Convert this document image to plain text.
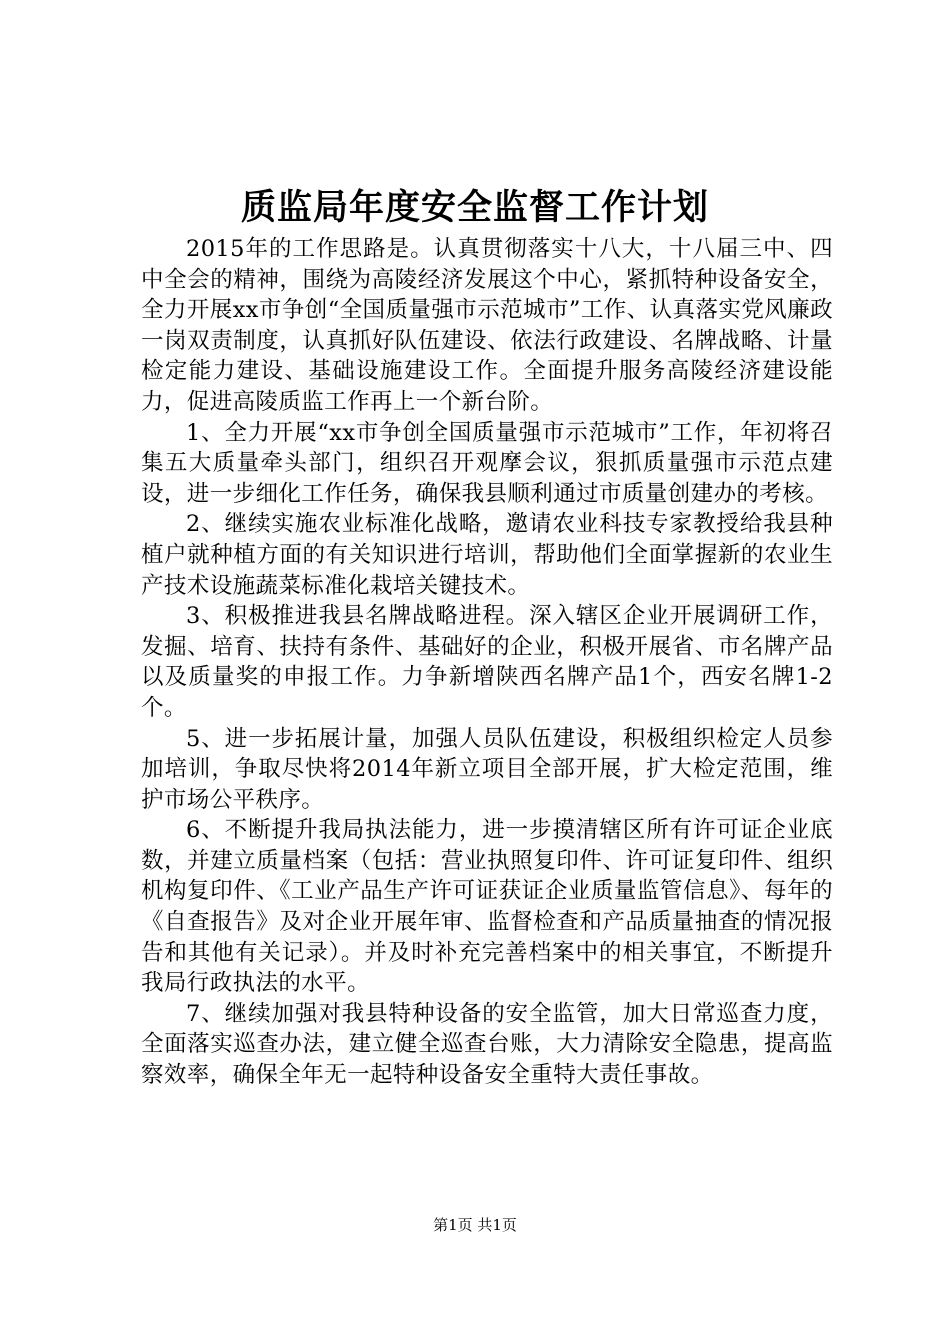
质监局年度安全监督工作计划

2015年的工作思路是。认真贯彻落实十八大，十八届三中、四中全会的精神，围绕为高陵经济发展这个中心，紧抓特种设备安全，全力开展xx市争创“全国质量强市示范城市”工作、认真落实党风廉政一岗双责制度，认真抓好队伍建设、依法行政建设、名牌战略、计量检定能力建设、基础设施建设工作。全面提升服务高陵经济建设能力，促进高陵质监工作再上一个新台阶。

1、全力开展“xx市争创全国质量强市示范城市”工作，年初将召集五大质量牵头部门，组织召开观摩会议，狠抓质量强市示范点建设，进一步细化工作任务，确保我县顺利通过市质量创建办的考核。

2、继续实施农业标准化战略，邀请农业科技专家教授给我县种植户就种植方面的有关知识进行培训，帮助他们全面掌握新的农业生产技术设施蔬菜标准化栽培关键技术。

3、积极推进我县名牌战略进程。深入辖区企业开展调研工作，发掘、培育、扶持有条件、基础好的企业，积极开展省、市名牌产品以及质量奖的申报工作。力争新增陕西名牌产品1个，西安名牌1-2个。

5、进一步拓展计量，加强人员队伍建设，积极组织检定人员参加培训，争取尽快将2014年新立项目全部开展，扩大检定范围，维护市场公平秩序。

6、不断提升我局执法能力，进一步摸清辖区所有许可证企业底数，并建立质量档案（包括：营业执照复印件、许可证复印件、组织机构复印件、《工业产品生产许可证获证企业质量监管信息》、每年的《自查报告》及对企业开展年审、监督检查和产品质量抽查的情况报告和其他有关记录）。并及时补充完善档案中的相关事宜，不断提升我局行政执法的水平。

7、继续加强对我县特种设备的安全监管，加大日常巡查力度，全面落实巡查办法，建立健全巡查台账，大力清除安全隐患，提高监察效率，确保全年无一起特种设备安全重特大责任事故。

第1页 共1页
